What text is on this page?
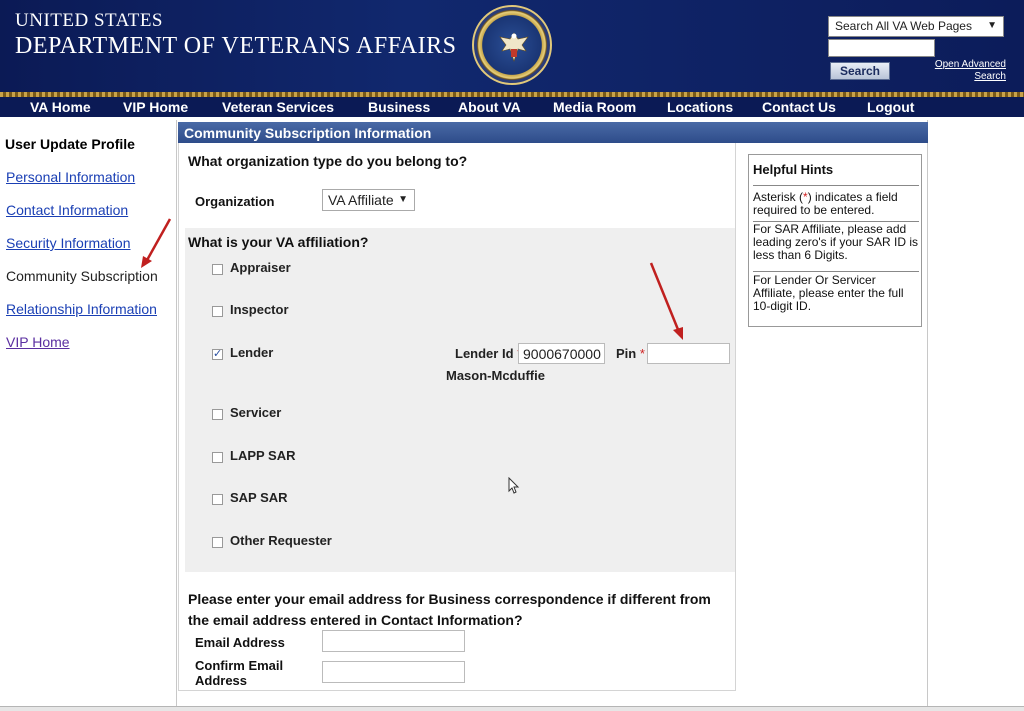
UNITED STATES
DEPARTMENT OF VETERANS AFFAIRS
Search All VA Web Pages ▼
Search	Open Advanced
Search
VA Home VIP Home Veteran Services Business About VA Media Room Locations Contact Us Logout
User Update Profile
Personal Information
Contact Information
Security Information
Community Subscription
Relationship Information
VIP Home
Community Subscription Information
What organization type do you belong to?
Organization	VA Affiliate ▼
What is your VA affiliation?
Appraiser
Inspector
✓
Lender	Lender Id 9000670000	Pin *
Mason-Mcduffie
Servicer
LAPP SAR
SAP SAR
Other Requester
Please enter your email address for Business correspondence if different from the email address entered in Contact Information?
Email Address
Confirm Email
Address
Helpful Hints
Asterisk (*) indicates a field required to be entered.
For SAR Affiliate, please add leading zero's if your SAR ID is less than 6 Digits.
For Lender Or Servicer Affiliate, please enter the full 10-digit ID.
